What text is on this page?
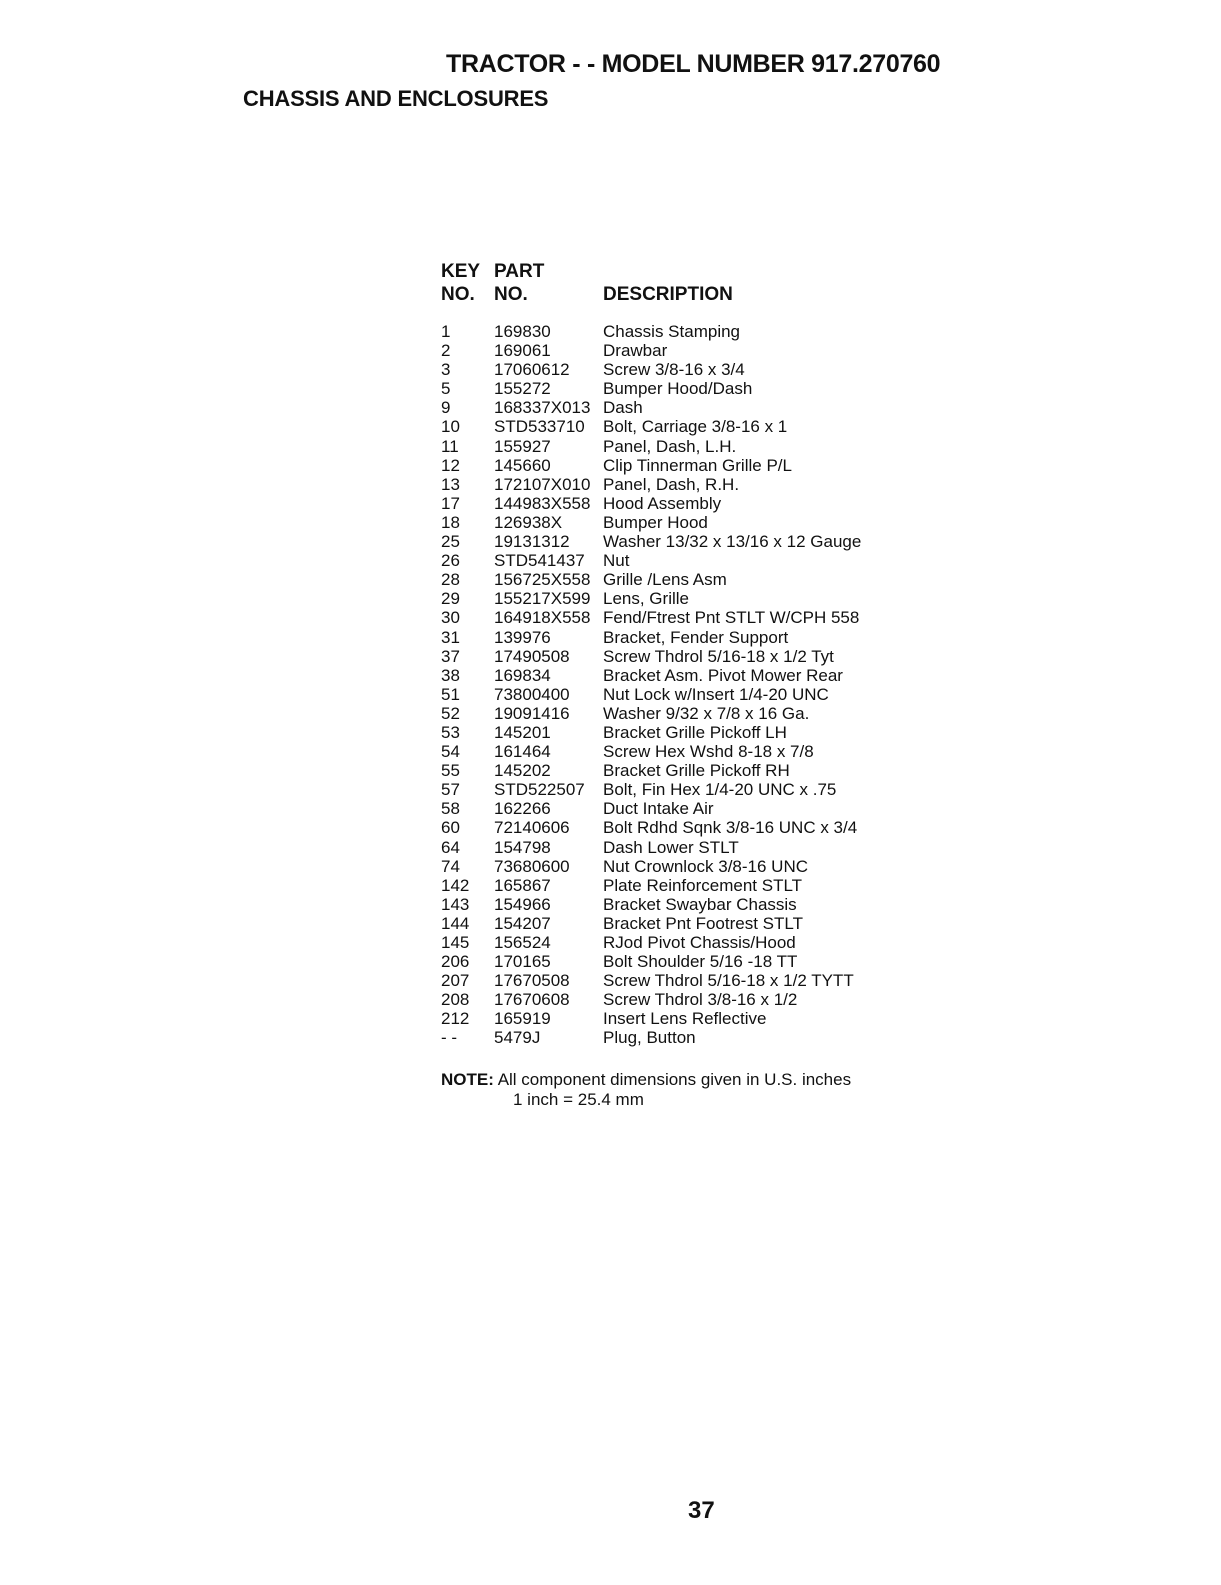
TRACTOR - - MODEL NUMBER 917.270760
CHASSIS AND ENCLOSURES
KEY
NO.
PART
NO.	DESCRIPTION
1	169830	Chassis Stamping
2	169061	Drawbar
3	17060612 Screw 3/8-16 x 3/4
5	155272	Bumper Hood/Dash
9	168337X013 Dash
10 STD533710 Bolt, Carriage 3/8-16 x 1
11 155927	Panel, Dash, L.H.
12 145660	Clip Tinnerman Grille P/L
13 172107X010 Panel, Dash, R.H.
17 144983X558 Hood Assembly
18 126938X Bumper Hood
25 19131312 Washer 13/32 x 13/16 x 12 Gauge
26 STD541437 Nut
28 156725X558 Grille /Lens Asm
29 155217X599 Lens, Grille
30 164918X558 Fend/Ftrest Pnt STLT W/CPH 558
31 139976	Bracket, Fender Support
37 17490508 Screw Thdrol 5/16-18 x 1/2 Tyt
38 169834	Bracket Asm. Pivot Mower Rear
51 73800400 Nut Lock w/Insert 1/4-20 UNC
52 19091416 Washer 9/32 x 7/8 x 16 Ga.
53 145201	Bracket Grille Pickoff LH
54 161464	Screw Hex Wshd 8-18 x 7/8
55 145202	Bracket Grille Pickoff RH
57 STD522507 Bolt, Fin Hex 1/4-20 UNC x .75
58 162266	Duct Intake Air
60 72140606 Bolt Rdhd Sqnk 3/8-16 UNC x 3/4
64 154798	Dash Lower STLT
74 73680600 Nut Crownlock 3/8-16 UNC
142 165867	Plate Reinforcement STLT
143 154966	Bracket Swaybar Chassis
144 154207	Bracket Pnt Footrest STLT
145 156524	RJod Pivot Chassis/Hood
206 170165	Bolt Shoulder 5/16 -18 TT
207 17670508 Screw Thdrol 5/16-18 x 1/2 TYTT
208 17670608 Screw Thdrol 3/8-16 x 1/2
212 165919	Insert Lens Reflective
- - 5479J	Plug, Button
NOTE: All component dimensions given in U.S. inches
1 inch = 25.4 mm
37
